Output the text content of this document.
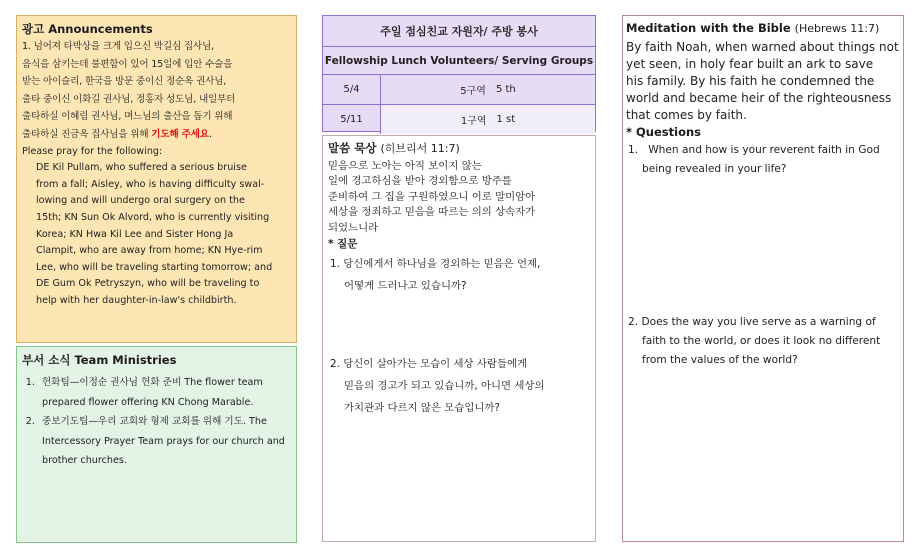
광고 Announcements
1. 넘어져 타박상을 크게 입으신 박길심 집사님,
음식을 삼키는데 불편함이 있어 15일에 입안 수술을
받는 아이슬리, 한국을 방문 중이신 정순옥 권사님,
출타 중이신 이화길 권사님, 정홍자 성도님, 내일부터
출타하실 이혜림 권사님, 며느님의 출산을 돕기 위해
출타하실 진금옥 집사님을 위해 기도해 주세요.
Please pray for the following:
DE Kil Pullam, who suffered a serious bruise
from a fall; Aisley, who is having difficulty swal-
lowing and will undergo oral surgery on the
15th; KN Sun Ok Alvord, who is currently visiting
Korea; KN Hwa Kil Lee and Sister Hong Ja
Clampit, who are away from home; KN Hye-rim
Lee, who will be traveling starting tomorrow; and
DE Gum Ok Petryszyn, who will be traveling to
help with her daughter-in-law's childbirth.
부서 소식 Team Ministries
1. 헌화팀—이정순 권사님 헌화 준비 The flower team prepared flower offering KN Chong Marable.
2. 중보기도팀—우리 교회와 형제 교회를 위해 기도. The Intercessory Prayer Team prays for our church and brother churches.
주일 점심친교 자원자/ 주방 봉사
Fellowship Lunch Volunteers/ Serving Groups
5/4	5구역 5 th
5/11	1구역 1 st
말씀 묵상 (히브리서 11:7)
믿음으로 노아는 아직 보이지 않는
일에 경고하심을 받아 경외함으로 방주를
준비하여 그 집을 구원하였으니 이로 말미암아
세상을 정죄하고 믿음을 따르는 의의 상속자가
되었느니라
* 질문
1. 당신에게서 하나님을 경외하는 믿음은 언제,
어떻게 드러나고 있습니까?
2. 당신이 살아가는 모습이 세상 사람들에게
믿음의 경고가 되고 있습니까, 아니면 세상의
가치관과 다르지 않은 모습입니까?
Meditation with the Bible (Hebrews 11:7)
By faith Noah, when warned about things not
yet seen, in holy fear built an ark to save
his family. By his faith he condemned the
world and became heir of the righteousness
that comes by faith.
* Questions
1.   When and how is your reverent faith in God
being revealed in your life?
2. Does the way you live serve as a warning of
faith to the world, or does it look no different
from the values of the world?
